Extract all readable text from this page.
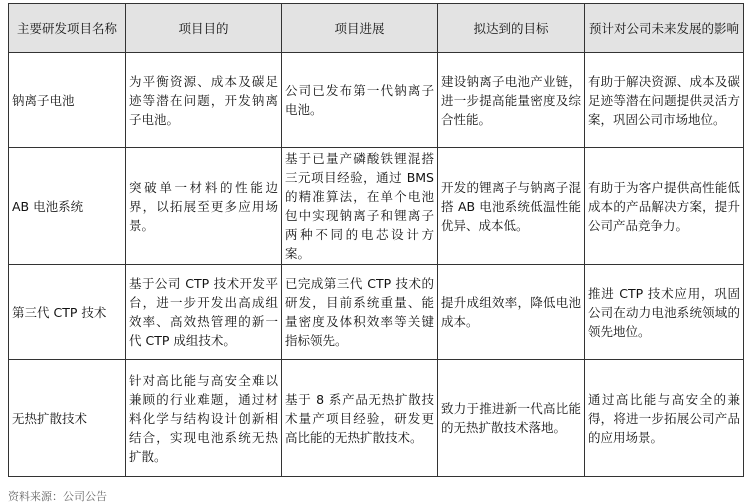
主要研发项目名称	项目目的	项目进展	拟达到的目标	预计对公司未来发展的影响
钠离子电池	为平衡资源、成本及碳足迹等潜在问题，开发钠离子电池。	公司已发布第一代钠离子电池。	建设钠离子电池产业链，进一步提高能量密度及综合性能。	有助于解决资源、成本及碳足迹等潜在问题提供灵活方案，巩固公司市场地位。
AB 电池系统	突破单一材料的性能边界，以拓展至更多应用场景。	基于已量产磷酸铁锂混搭三元项目经验，通过 BMS 的精准算法，在单个电池包中实现钠离子和锂离子两种不同的电芯设计方案。	开发的锂离子与钠离子混搭 AB 电池系统低温性能优异、成本低。	有助于为客户提供高性能低成本的产品解决方案，提升公司产品竞争力。
第三代 CTP 技术	基于公司 CTP 技术开发平台，进一步开发出高成组效率、高效热管理的新一代 CTP 成组技术。	已完成第三代 CTP 技术的研发，目前系统重量、能量密度及体积效率等关键指标领先。	提升成组效率，降低电池成本。	推进 CTP 技术应用，巩固公司在动力电池系统领域的领先地位。
无热扩散技术	针对高比能与高安全难以兼顾的行业难题，通过材料化学与结构设计创新相结合，实现电池系统无热扩散。	基于 8 系产品无热扩散技术量产项目经验，研发更高比能的无热扩散技术。	致力于推进新一代高比能的无热扩散技术落地。	通过高比能与高安全的兼得，将进一步拓展公司产品的应用场景。
资料来源：公司公告
